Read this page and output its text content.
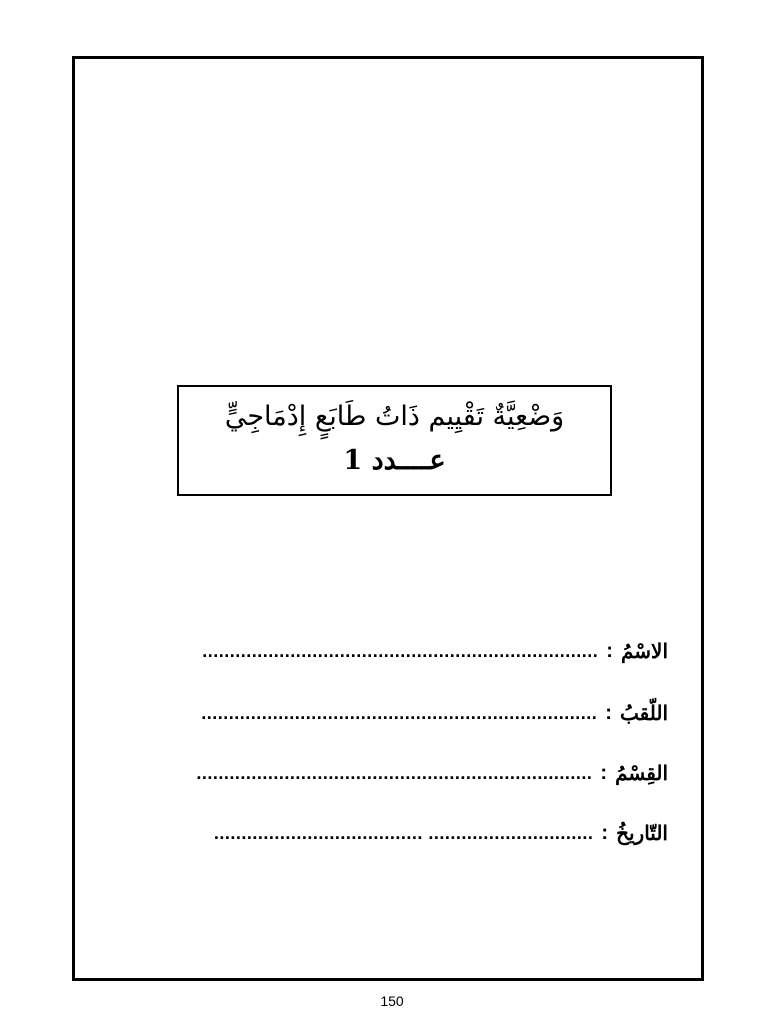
وَضْعِيَّةٌ تَقْيِيم ذَاتُ طَابَعٍ إِدْمَاجِيٍّ
عــــدد 1
الاسْمُ:........................................................................
اللّقبُ:........................................................................
القِسْمُ:........................................................................
التّاريخُ:.............................. ......................................
150
